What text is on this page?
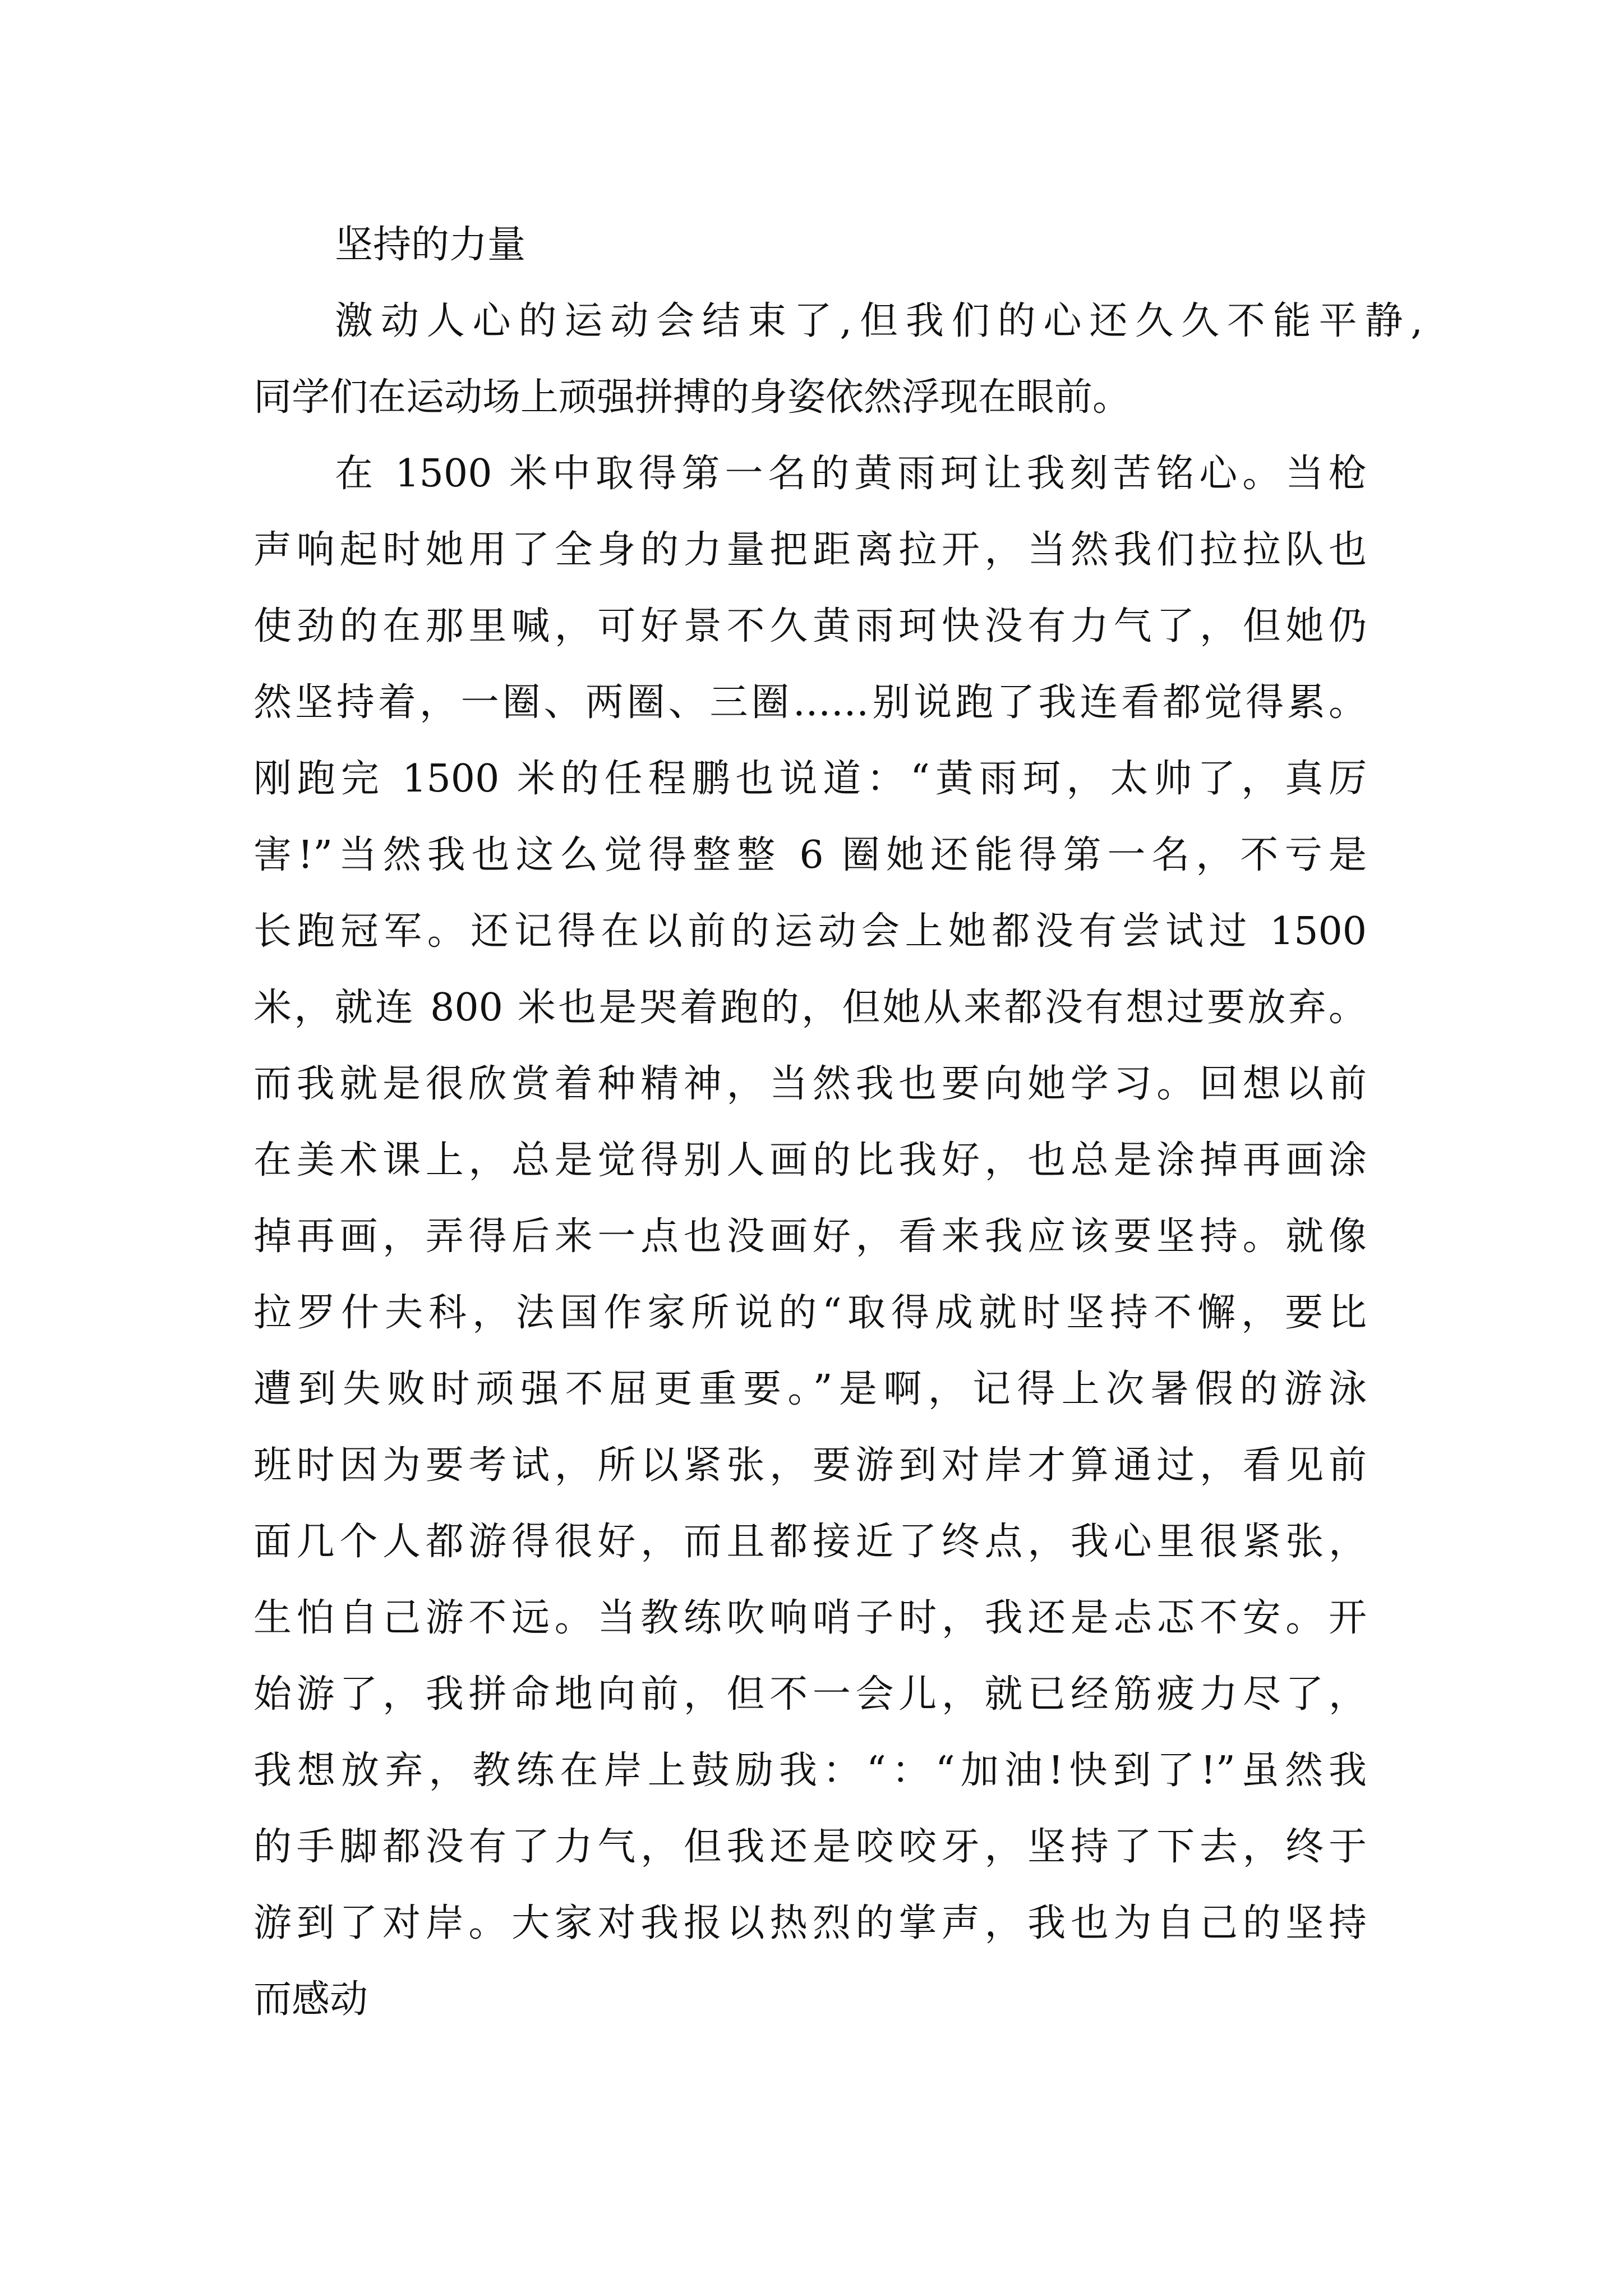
坚持的力量
激动人心的运动会结束了,但我们的心还久久不能平静,
同学们在运动场上顽强拼搏的身姿依然浮现在眼前。
在 1500 米中取得第一名的黄雨珂让我刻苦铭心。当枪
声响起时她用了全身的力量把距离拉开，当然我们拉拉队也
使劲的在那里喊，可好景不久黄雨珂快没有力气了，但她仍
然坚持着，一圈、两圈、三圈……别说跑了我连看都觉得累。
刚跑完 1500 米的任程鹏也说道：“黄雨珂，太帅了，真厉
害!”当然我也这么觉得整整 6 圈她还能得第一名，不亏是
长跑冠军。还记得在以前的运动会上她都没有尝试过 1500
米，就连 800 米也是哭着跑的，但她从来都没有想过要放弃。
而我就是很欣赏着种精神，当然我也要向她学习。回想以前
在美术课上，总是觉得别人画的比我好，也总是涂掉再画涂
掉再画，弄得后来一点也没画好，看来我应该要坚持。就像
拉罗什夫科，法国作家所说的“取得成就时坚持不懈，要比
遭到失败时顽强不屈更重要。”是啊，记得上次暑假的游泳
班时因为要考试，所以紧张，要游到对岸才算通过，看见前
面几个人都游得很好，而且都接近了终点，我心里很紧张，
生怕自己游不远。当教练吹响哨子时，我还是忐忑不安。开
始游了，我拼命地向前，但不一会儿，就已经筋疲力尽了，
我想放弃，教练在岸上鼓励我：“：“加油!快到了!”虽然我
的手脚都没有了力气，但我还是咬咬牙，坚持了下去，终于
游到了对岸。大家对我报以热烈的掌声，我也为自己的坚持
而感动
